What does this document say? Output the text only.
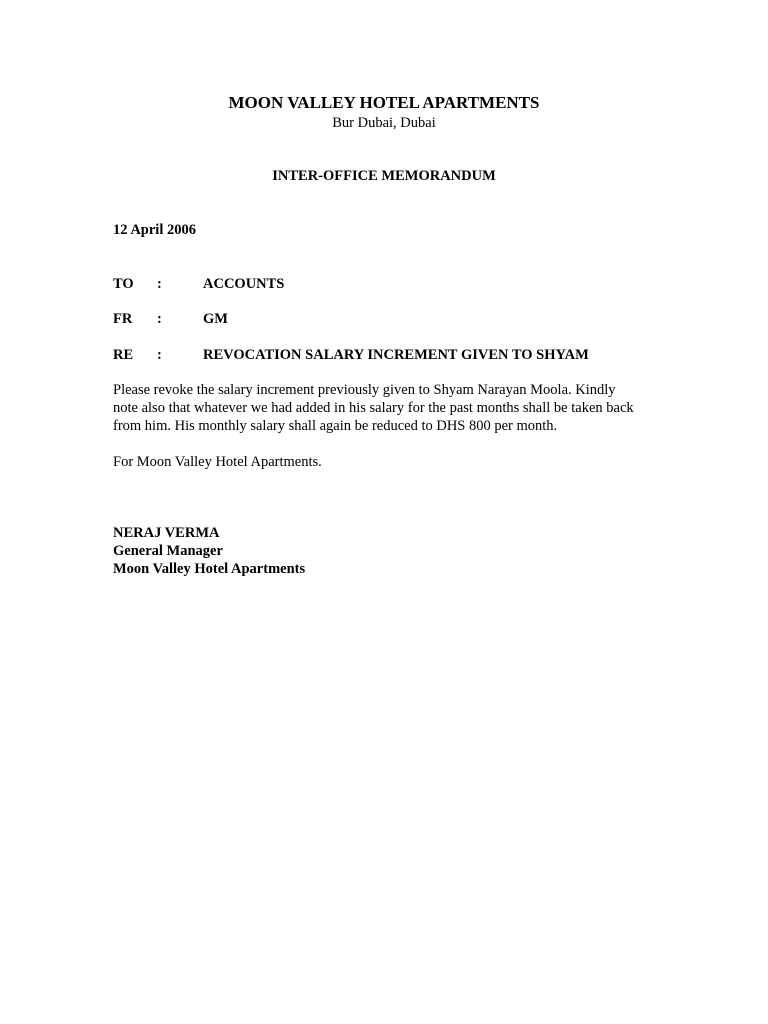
MOON VALLEY HOTEL APARTMENTS
Bur Dubai, Dubai
INTER-OFFICE MEMORANDUM
12 April 2006
TO :	ACCOUNTS
FR :	GM
RE :	REVOCATION SALARY INCREMENT GIVEN TO SHYAM
Please revoke the salary increment previously given to Shyam Narayan Moola. Kindly
note also that whatever we had added in his salary for the past months shall be taken back
from him. His monthly salary shall again be reduced to DHS 800 per month.
For Moon Valley Hotel Apartments.
NERAJ VERMA
General Manager
Moon Valley Hotel Apartments
